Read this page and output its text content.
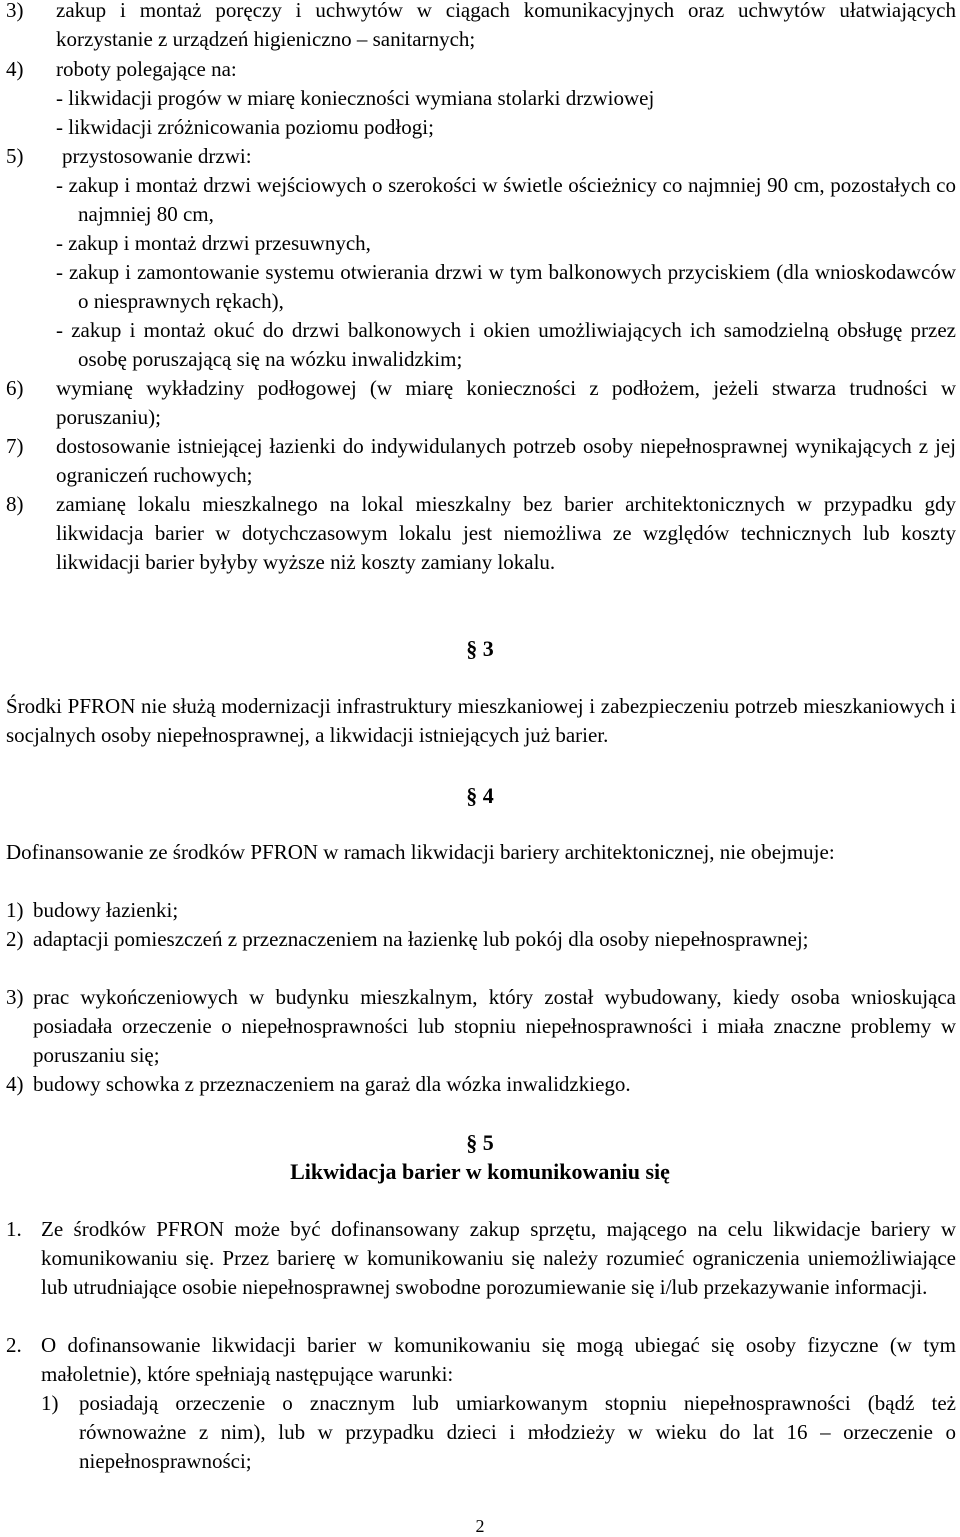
3) zakup i montaż poręczy i uchwytów w ciągach komunikacyjnych oraz uchwytów ułatwiających korzystanie z urządzeń higieniczno – sanitarnych;
4) roboty polegające na:
- likwidacji progów w miarę konieczności wymiana stolarki drzwiowej
- likwidacji zróżnicowania poziomu podłogi;
5) przystosowanie drzwi:
- zakup i montaż drzwi wejściowych o szerokości w świetle ościeżnicy co najmniej 90 cm, pozostałych co najmniej 80 cm,
- zakup i montaż drzwi przesuwnych,
- zakup i zamontowanie systemu otwierania drzwi w tym balkonowych przyciskiem (dla wnioskodawców o niesprawnych rękach),
- zakup i montaż okuć do drzwi balkonowych i okien umożliwiających ich samodzielną obsługę przez osobę poruszającą się na wózku inwalidzkim;
6) wymianę wykładziny podłogowej (w miarę konieczności z podłożem, jeżeli stwarza trudności w poruszaniu);
7) dostosowanie istniejącej łazienki do indywidulanych potrzeb osoby niepełnosprawnej wynikających z jej ograniczeń ruchowych;
8) zamianę lokalu mieszkalnego na lokal mieszkalny bez barier architektonicznych w przypadku gdy likwidacja barier w dotychczasowym lokalu jest niemożliwa ze względów technicznych lub koszty likwidacji barier byłyby wyższe niż koszty zamiany lokalu.
§ 3
Środki PFRON nie służą modernizacji infrastruktury mieszkaniowej i zabezpieczeniu potrzeb mieszkaniowych i socjalnych osoby niepełnosprawnej, a likwidacji istniejących już barier.
§ 4
Dofinansowanie ze środków PFRON w ramach likwidacji bariery architektonicznej, nie obejmuje:
1) budowy łazienki;
2) adaptacji pomieszczeń z przeznaczeniem na łazienkę lub pokój dla osoby niepełnosprawnej;
3) prac wykończeniowych w budynku mieszkalnym, który został wybudowany, kiedy osoba wnioskująca posiadała orzeczenie o niepełnosprawności lub stopniu niepełnosprawności i miała znaczne problemy w poruszaniu się;
4) budowy schowka z przeznaczeniem na garaż dla wózka inwalidzkiego.
§ 5
Likwidacja barier w komunikowaniu się
1. Ze środków PFRON może być dofinansowany zakup sprzętu, mającego na celu likwidacje bariery w komunikowaniu się. Przez barierę w komunikowaniu się należy rozumieć ograniczenia uniemożliwiające lub utrudniające osobie niepełnosprawnej swobodne porozumiewanie się i/lub przekazywanie informacji.
2. O dofinansowanie likwidacji barier w komunikowaniu się mogą ubiegać się osoby fizyczne (w tym małoletnie), które spełniają następujące warunki:
1) posiadają orzeczenie o znacznym lub umiarkowanym stopniu niepełnosprawności (bądź też równoważne z nim), lub w przypadku dzieci i młodzieży w wieku do lat 16 – orzeczenie o niepełnosprawności;
2
